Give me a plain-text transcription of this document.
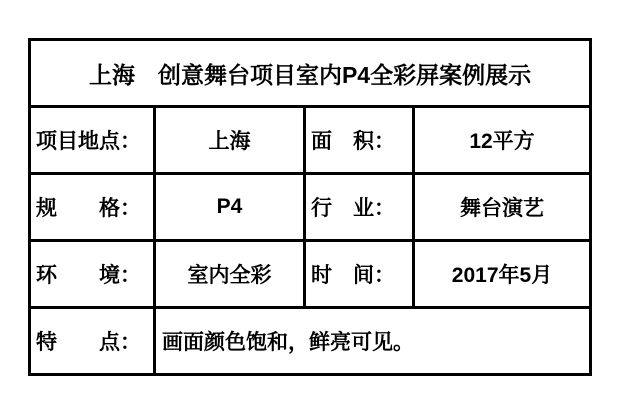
上海　创意舞台项目室内P4全彩屏案例展示			
项目地点：	上海	面　积：	12平方
规　　格：	P4	行　业：	舞台演艺
环　　境：	室内全彩	时　间：	2017年5月
特　　点：	画面颜色饱和，鲜亮可见。		
